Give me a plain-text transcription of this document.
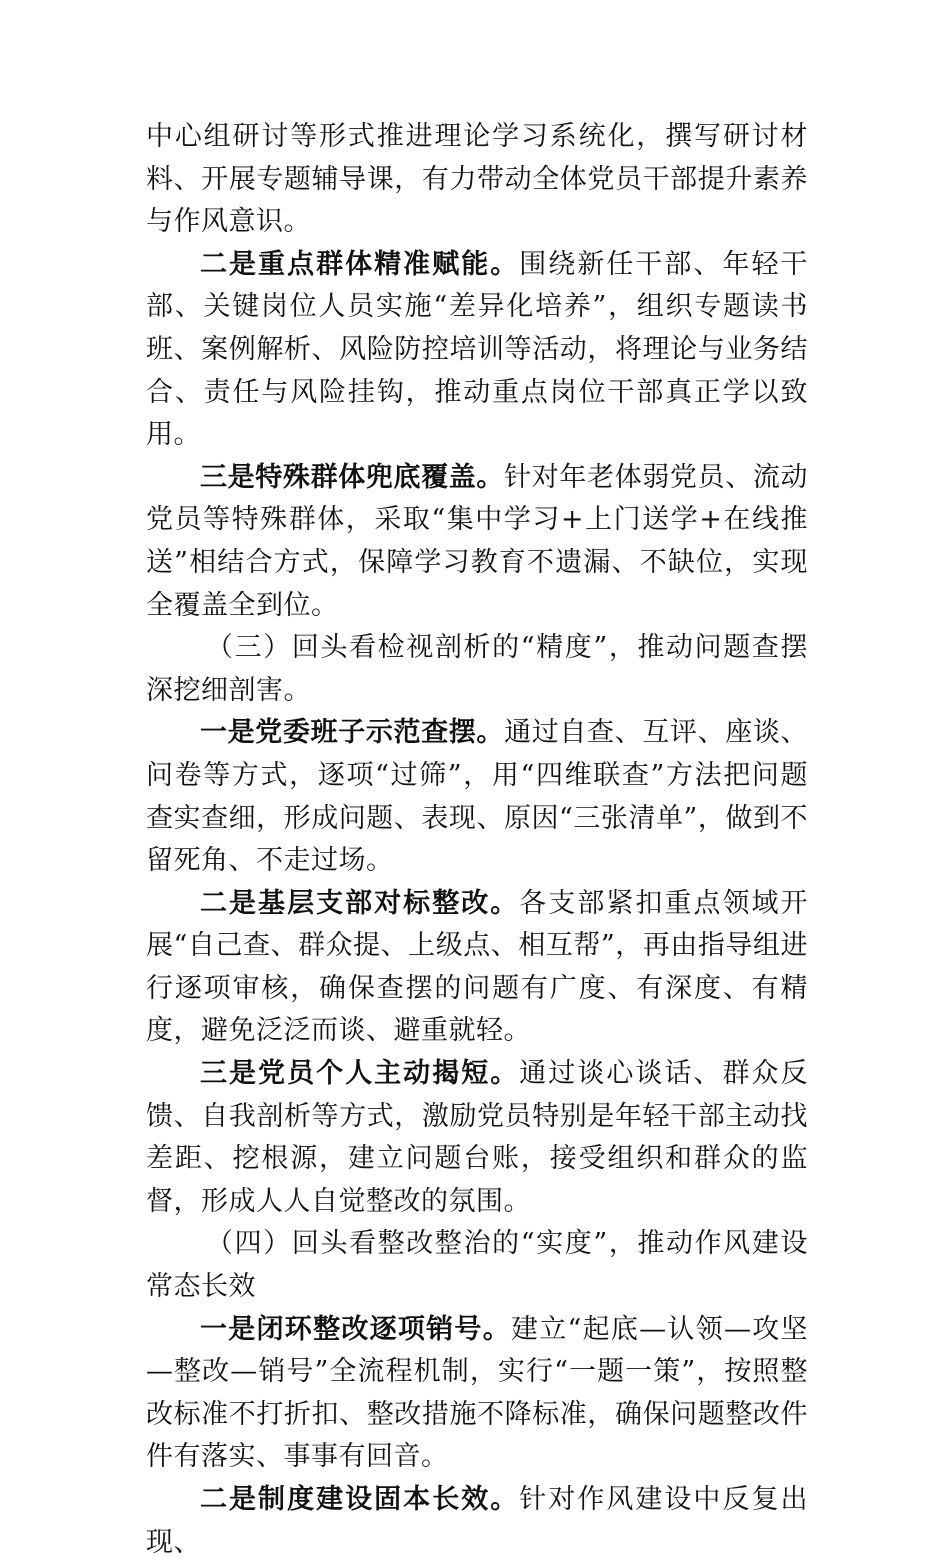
中心组研讨等形式推进理论学习系统化，撰写研讨材料、开展专题辅导课，有力带动全体党员干部提升素养与作风意识。

二是重点群体精准赋能。围绕新任干部、年轻干部、关键岗位人员实施“差异化培养”，组织专题读书班、案例解析、风险防控培训等活动，将理论与业务结合、责任与风险挂钩，推动重点岗位干部真正学以致用。

三是特殊群体兜底覆盖。针对年老体弱党员、流动党员等特殊群体，采取“集中学习+上门送学+在线推送”相结合方式，保障学习教育不遗漏、不缺位，实现全覆盖全到位。

（三）回头看检视剖析的“精度”，推动问题查摆深挖细剖害。

一是党委班子示范查摆。通过自查、互评、座谈、问卷等方式，逐项“过筛”，用“四维联查”方法把问题查实查细，形成问题、表现、原因“三张清单”，做到不留死角、不走过场。

二是基层支部对标整改。各支部紧扣重点领域开展“自己查、群众提、上级点、相互帮”，再由指导组进行逐项审核，确保查摆的问题有广度、有深度、有精度，避免泛泛而谈、避重就轻。

三是党员个人主动揭短。通过谈心谈话、群众反馈、自我剖析等方式，激励党员特别是年轻干部主动找差距、挖根源，建立问题台账，接受组织和群众的监督，形成人人自觉整改的氛围。

（四）回头看整改整治的“实度”，推动作风建设常态长效

一是闭环整改逐项销号。建立“起底—认领—攻坚—整改—销号”全流程机制，实行“一题一策”，按照整改标准不打折扣、整改措施不降标准，确保问题整改件件有落实、事事有回音。

二是制度建设固本长效。针对作风建设中反复出现、
